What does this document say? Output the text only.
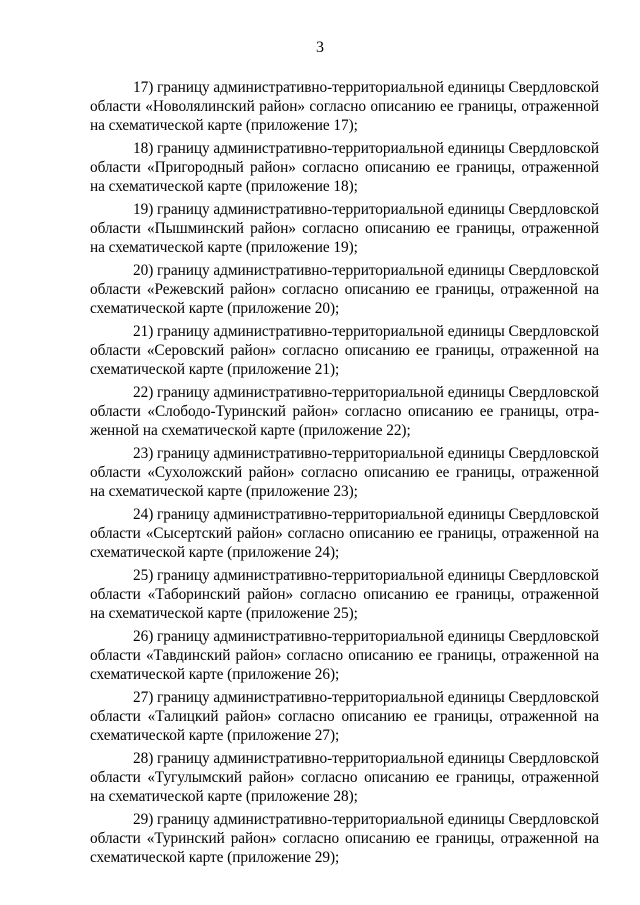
3
17) границу административно-территориальной единицы Свердловской
области «Новолялинский район» согласно описанию ее границы, отраженной
на схематической карте (приложение 17);
18) границу административно-территориальной единицы Свердловской
области «Пригородный район» согласно описанию ее границы, отраженной
на схематической карте (приложение 18);
19) границу административно-территориальной единицы Свердловской
области «Пышминский район» согласно описанию ее границы, отраженной
на схематической карте (приложение 19);
20) границу административно-территориальной единицы Свердловской
области «Режевский район» согласно описанию ее границы, отраженной на
схематической карте (приложение 20);
21) границу административно-территориальной единицы Свердловской
области «Серовский район» согласно описанию ее границы, отраженной на
схематической карте (приложение 21);
22) границу административно-территориальной единицы Свердловской
области «Слободо-Туринский район» согласно описанию ее границы, отра-
женной на схематической карте (приложение 22);
23) границу административно-территориальной единицы Свердловской
области «Сухоложский район» согласно описанию ее границы, отраженной
на схематической карте (приложение 23);
24) границу административно-территориальной единицы Свердловской
области «Сысертский район» согласно описанию ее границы, отраженной на
схематической карте (приложение 24);
25) границу административно-территориальной единицы Свердловской
области «Таборинский район» согласно описанию ее границы, отраженной
на схематической карте (приложение 25);
26) границу административно-территориальной единицы Свердловской
области «Тавдинский район» согласно описанию ее границы, отраженной на
схематической карте (приложение 26);
27) границу административно-территориальной единицы Свердловской
области «Талицкий район» согласно описанию ее границы, отраженной на
схематической карте (приложение 27);
28) границу административно-территориальной единицы Свердловской
области «Тугулымский район» согласно описанию ее границы, отраженной
на схематической карте (приложение 28);
29) границу административно-территориальной единицы Свердловской
области «Туринский район» согласно описанию ее границы, отраженной на
схематической карте (приложение 29);
